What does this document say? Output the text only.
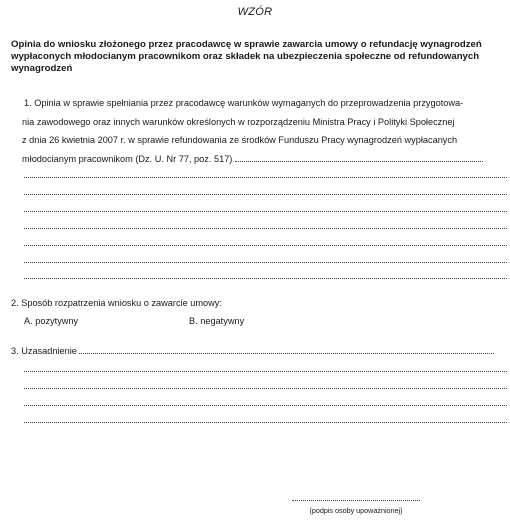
WZÓR

Opinia do wniosku złożonego przez pracodawcę w sprawie zawarcia umowy o refundację wynagrodzeń wypłaconych młodocianym pracownikom oraz składek na ubezpieczenia społeczne od refundowanych wynagrodzeń

1. Opinia w sprawie spełniania przez pracodawcę warunków wymaganych do przeprowadzenia przygotowa-
nia zawodowego oraz innych warunków określonych w rozporządzeniu Ministra Pracy i Polityki Społecznej
z dnia 26 kwietnia 2007 r. w sprawie refundowania ze środków Funduszu Pracy wynagrodzeń wypłacanych
młodocianym pracownikom (Dz. U. Nr 77, poz. 517)
2. Sposób rozpatrzenia wniosku o zawarcie umowy:
A. pozytywny	B. negatywny
3. Uzasadnienie
(podpis osoby upoważnionej)
